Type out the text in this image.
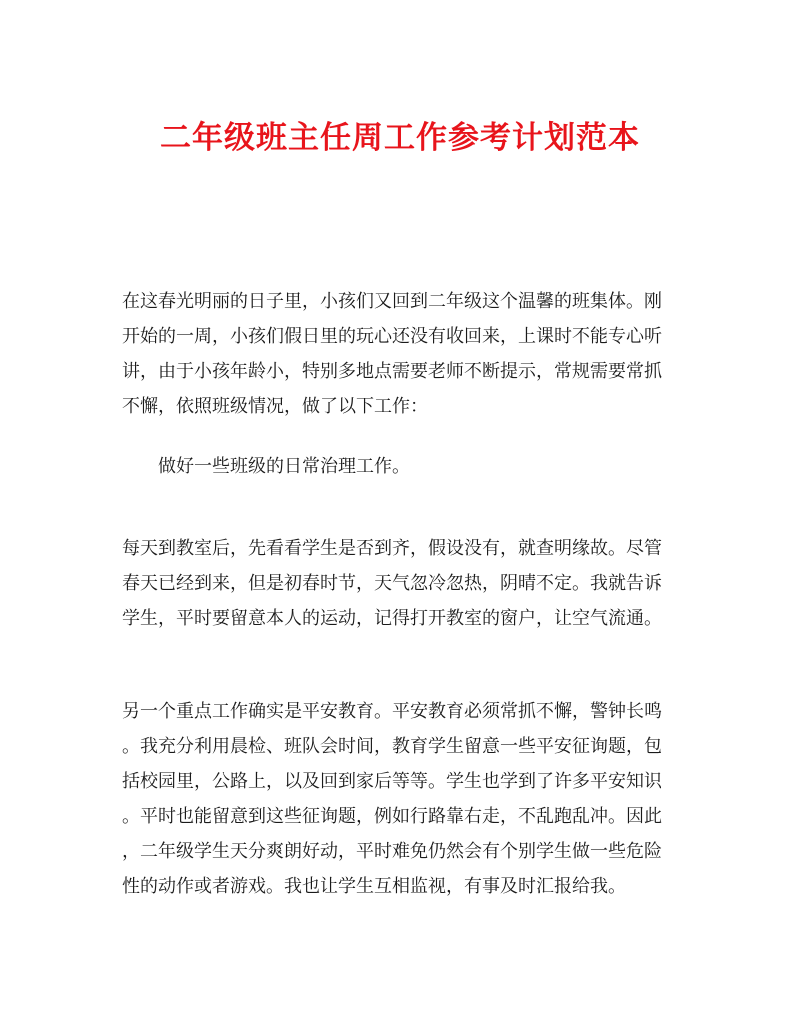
二年级班主任周工作参考计划范本

在这春光明丽的日子里，小孩们又回到二年级这个温馨的班集体。刚
开始的一周，小孩们假日里的玩心还没有收回来，上课时不能专心听
讲，由于小孩年龄小，特别多地点需要老师不断提示，常规需要常抓
不懈，依照班级情况，做了以下工作：

做好一些班级的日常治理工作。

每天到教室后，先看看学生是否到齐，假设没有，就查明缘故。尽管
春天已经到来，但是初春时节，天气忽冷忽热，阴晴不定。我就告诉
学生，平时要留意本人的运动，记得打开教室的窗户，让空气流通。

另一个重点工作确实是平安教育。平安教育必须常抓不懈，警钟长鸣
。我充分利用晨检、班队会时间，教育学生留意一些平安征询题，包
括校园里，公路上，以及回到家后等等。学生也学到了许多平安知识
。平时也能留意到这些征询题，例如行路靠右走，不乱跑乱冲。因此
，二年级学生天分爽朗好动，平时难免仍然会有个别学生做一些危险
性的动作或者游戏。我也让学生互相监视，有事及时汇报给我。
